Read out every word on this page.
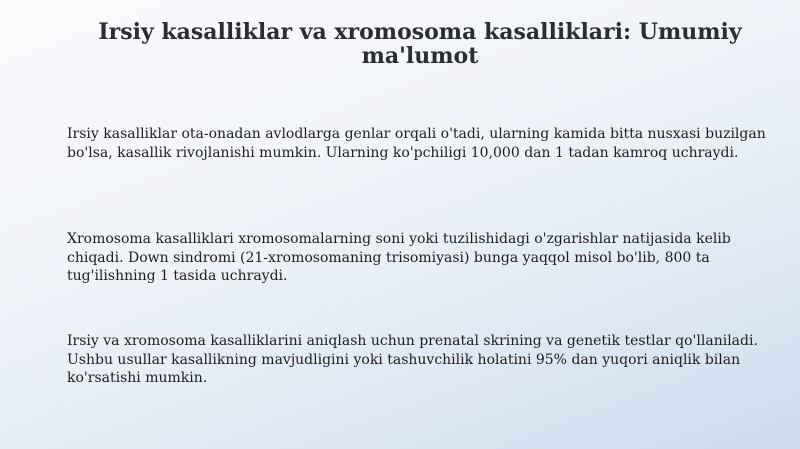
Irsiy kasalliklar va xromosoma kasalliklari: Umumiy ma'lumot

Irsiy kasalliklar ota-onadan avlodlarga genlar orqali o'tadi, ularning kamida bitta nusxasi buzilgan bo'lsa, kasallik rivojlanishi mumkin. Ularning ko'pchiligi 10,000 dan 1 tadan kamroq uchraydi.

Xromosoma kasalliklari xromosomalarning soni yoki tuzilishidagi o'zgarishlar natijasida kelib chiqadi. Down sindromi (21-xromosomaning trisomiyasi) bunga yaqqol misol bo'lib, 800 ta tug'ilishning 1 tasida uchraydi.

Irsiy va xromosoma kasalliklarini aniqlash uchun prenatal skrining va genetik testlar qo'llaniladi. Ushbu usullar kasallikning mavjudligini yoki tashuvchilik holatini 95% dan yuqori aniqlik bilan ko'rsatishi mumkin.
